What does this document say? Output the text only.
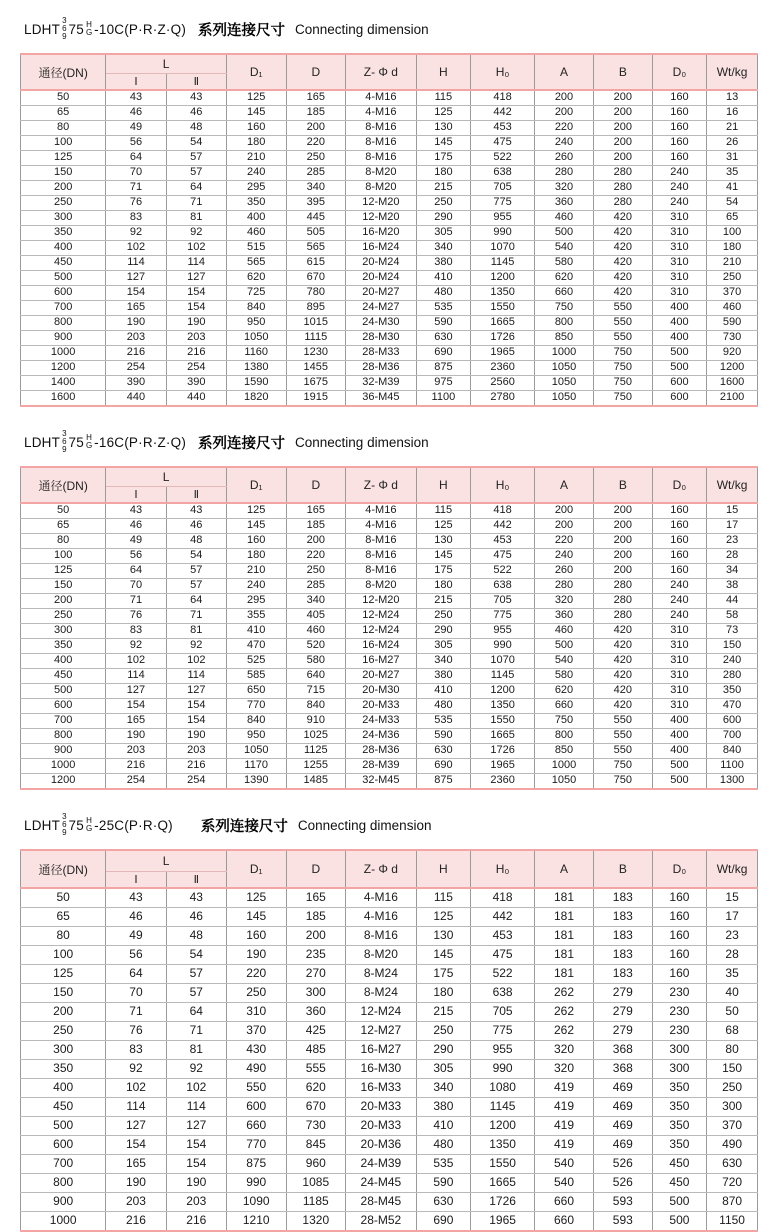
LDHT
3
6
9 75 H
G -10C(P·R·Z·Q) 系列连接尺寸 Connecting dimension
通径(DN)	L		D₁	D	Z- Φ d	H	H₀	A	B	D₀	Wt/kg
	Ⅰ	Ⅱ									
50	43	43	125	165	4-M16	115	418	200	200	160	13
65	46	46	145	185	4-M16	125	442	200	200	160	16
80	49	48	160	200	8-M16	130	453	220	200	160	21
100	56	54	180	220	8-M16	145	475	240	200	160	26
125	64	57	210	250	8-M16	175	522	260	200	160	31
150	70	57	240	285	8-M20	180	638	280	280	240	35
200	71	64	295	340	8-M20	215	705	320	280	240	41
250	76	71	350	395	12-M20	250	775	360	280	240	54
300	83	81	400	445	12-M20	290	955	460	420	310	65
350	92	92	460	505	16-M20	305	990	500	420	310	100
400	102	102	515	565	16-M24	340	1070	540	420	310	180
450	114	114	565	615	20-M24	380	1145	580	420	310	210
500	127	127	620	670	20-M24	410	1200	620	420	310	250
600	154	154	725	780	20-M27	480	1350	660	420	310	370
700	165	154	840	895	24-M27	535	1550	750	550	400	460
800	190	190	950	1015	24-M30	590	1665	800	550	400	590
900	203	203	1050	1115	28-M30	630	1726	850	550	400	730
1000	216	216	1160	1230	28-M33	690	1965	1000	750	500	920
1200	254	254	1380	1455	28-M36	875	2360	1050	750	500	1200
1400	390	390	1590	1675	32-M39	975	2560	1050	750	600	1600
1600	440	440	1820	1915	36-M45	1100	2780	1050	750	600	2100
LDHT
3
6
9 75 H
G -16C(P·R·Z·Q) 系列连接尺寸 Connecting dimension
通径(DN)	L		D₁	D	Z- Φ d	H	H₀	A	B	D₀	Wt/kg
	Ⅰ	Ⅱ									
50	43	43	125	165	4-M16	115	418	200	200	160	15
65	46	46	145	185	4-M16	125	442	200	200	160	17
80	49	48	160	200	8-M16	130	453	220	200	160	23
100	56	54	180	220	8-M16	145	475	240	200	160	28
125	64	57	210	250	8-M16	175	522	260	200	160	34
150	70	57	240	285	8-M20	180	638	280	280	240	38
200	71	64	295	340	12-M20	215	705	320	280	240	44
250	76	71	355	405	12-M24	250	775	360	280	240	58
300	83	81	410	460	12-M24	290	955	460	420	310	73
350	92	92	470	520	16-M24	305	990	500	420	310	150
400	102	102	525	580	16-M27	340	1070	540	420	310	240
450	114	114	585	640	20-M27	380	1145	580	420	310	280
500	127	127	650	715	20-M30	410	1200	620	420	310	350
600	154	154	770	840	20-M33	480	1350	660	420	310	470
700	165	154	840	910	24-M33	535	1550	750	550	400	600
800	190	190	950	1025	24-M36	590	1665	800	550	400	700
900	203	203	1050	1125	28-M36	630	1726	850	550	400	840
1000	216	216	1170	1255	28-M39	690	1965	1000	750	500	1100
1200	254	254	1390	1485	32-M45	875	2360	1050	750	500	1300
LDHT
3
6
9 75 H
G -25C(P·R·Q) 系列连接尺寸 Connecting dimension
通径(DN)	L		D₁	D	Z- Φ d	H	H₀	A	B	D₀	Wt/kg
	Ⅰ	Ⅱ									
50	43	43	125	165	4-M16	115	418	181	183	160	15
65	46	46	145	185	4-M16	125	442	181	183	160	17
80	49	48	160	200	8-M16	130	453	181	183	160	23
100	56	54	190	235	8-M20	145	475	181	183	160	28
125	64	57	220	270	8-M24	175	522	181	183	160	35
150	70	57	250	300	8-M24	180	638	262	279	230	40
200	71	64	310	360	12-M24	215	705	262	279	230	50
250	76	71	370	425	12-M27	250	775	262	279	230	68
300	83	81	430	485	16-M27	290	955	320	368	300	80
350	92	92	490	555	16-M30	305	990	320	368	300	150
400	102	102	550	620	16-M33	340	1080	419	469	350	250
450	114	114	600	670	20-M33	380	1145	419	469	350	300
500	127	127	660	730	20-M33	410	1200	419	469	350	370
600	154	154	770	845	20-M36	480	1350	419	469	350	490
700	165	154	875	960	24-M39	535	1550	540	526	450	630
800	190	190	990	1085	24-M45	590	1665	540	526	450	720
900	203	203	1090	1185	28-M45	630	1726	660	593	500	870
1000	216	216	1210	1320	28-M52	690	1965	660	593	500	1150
